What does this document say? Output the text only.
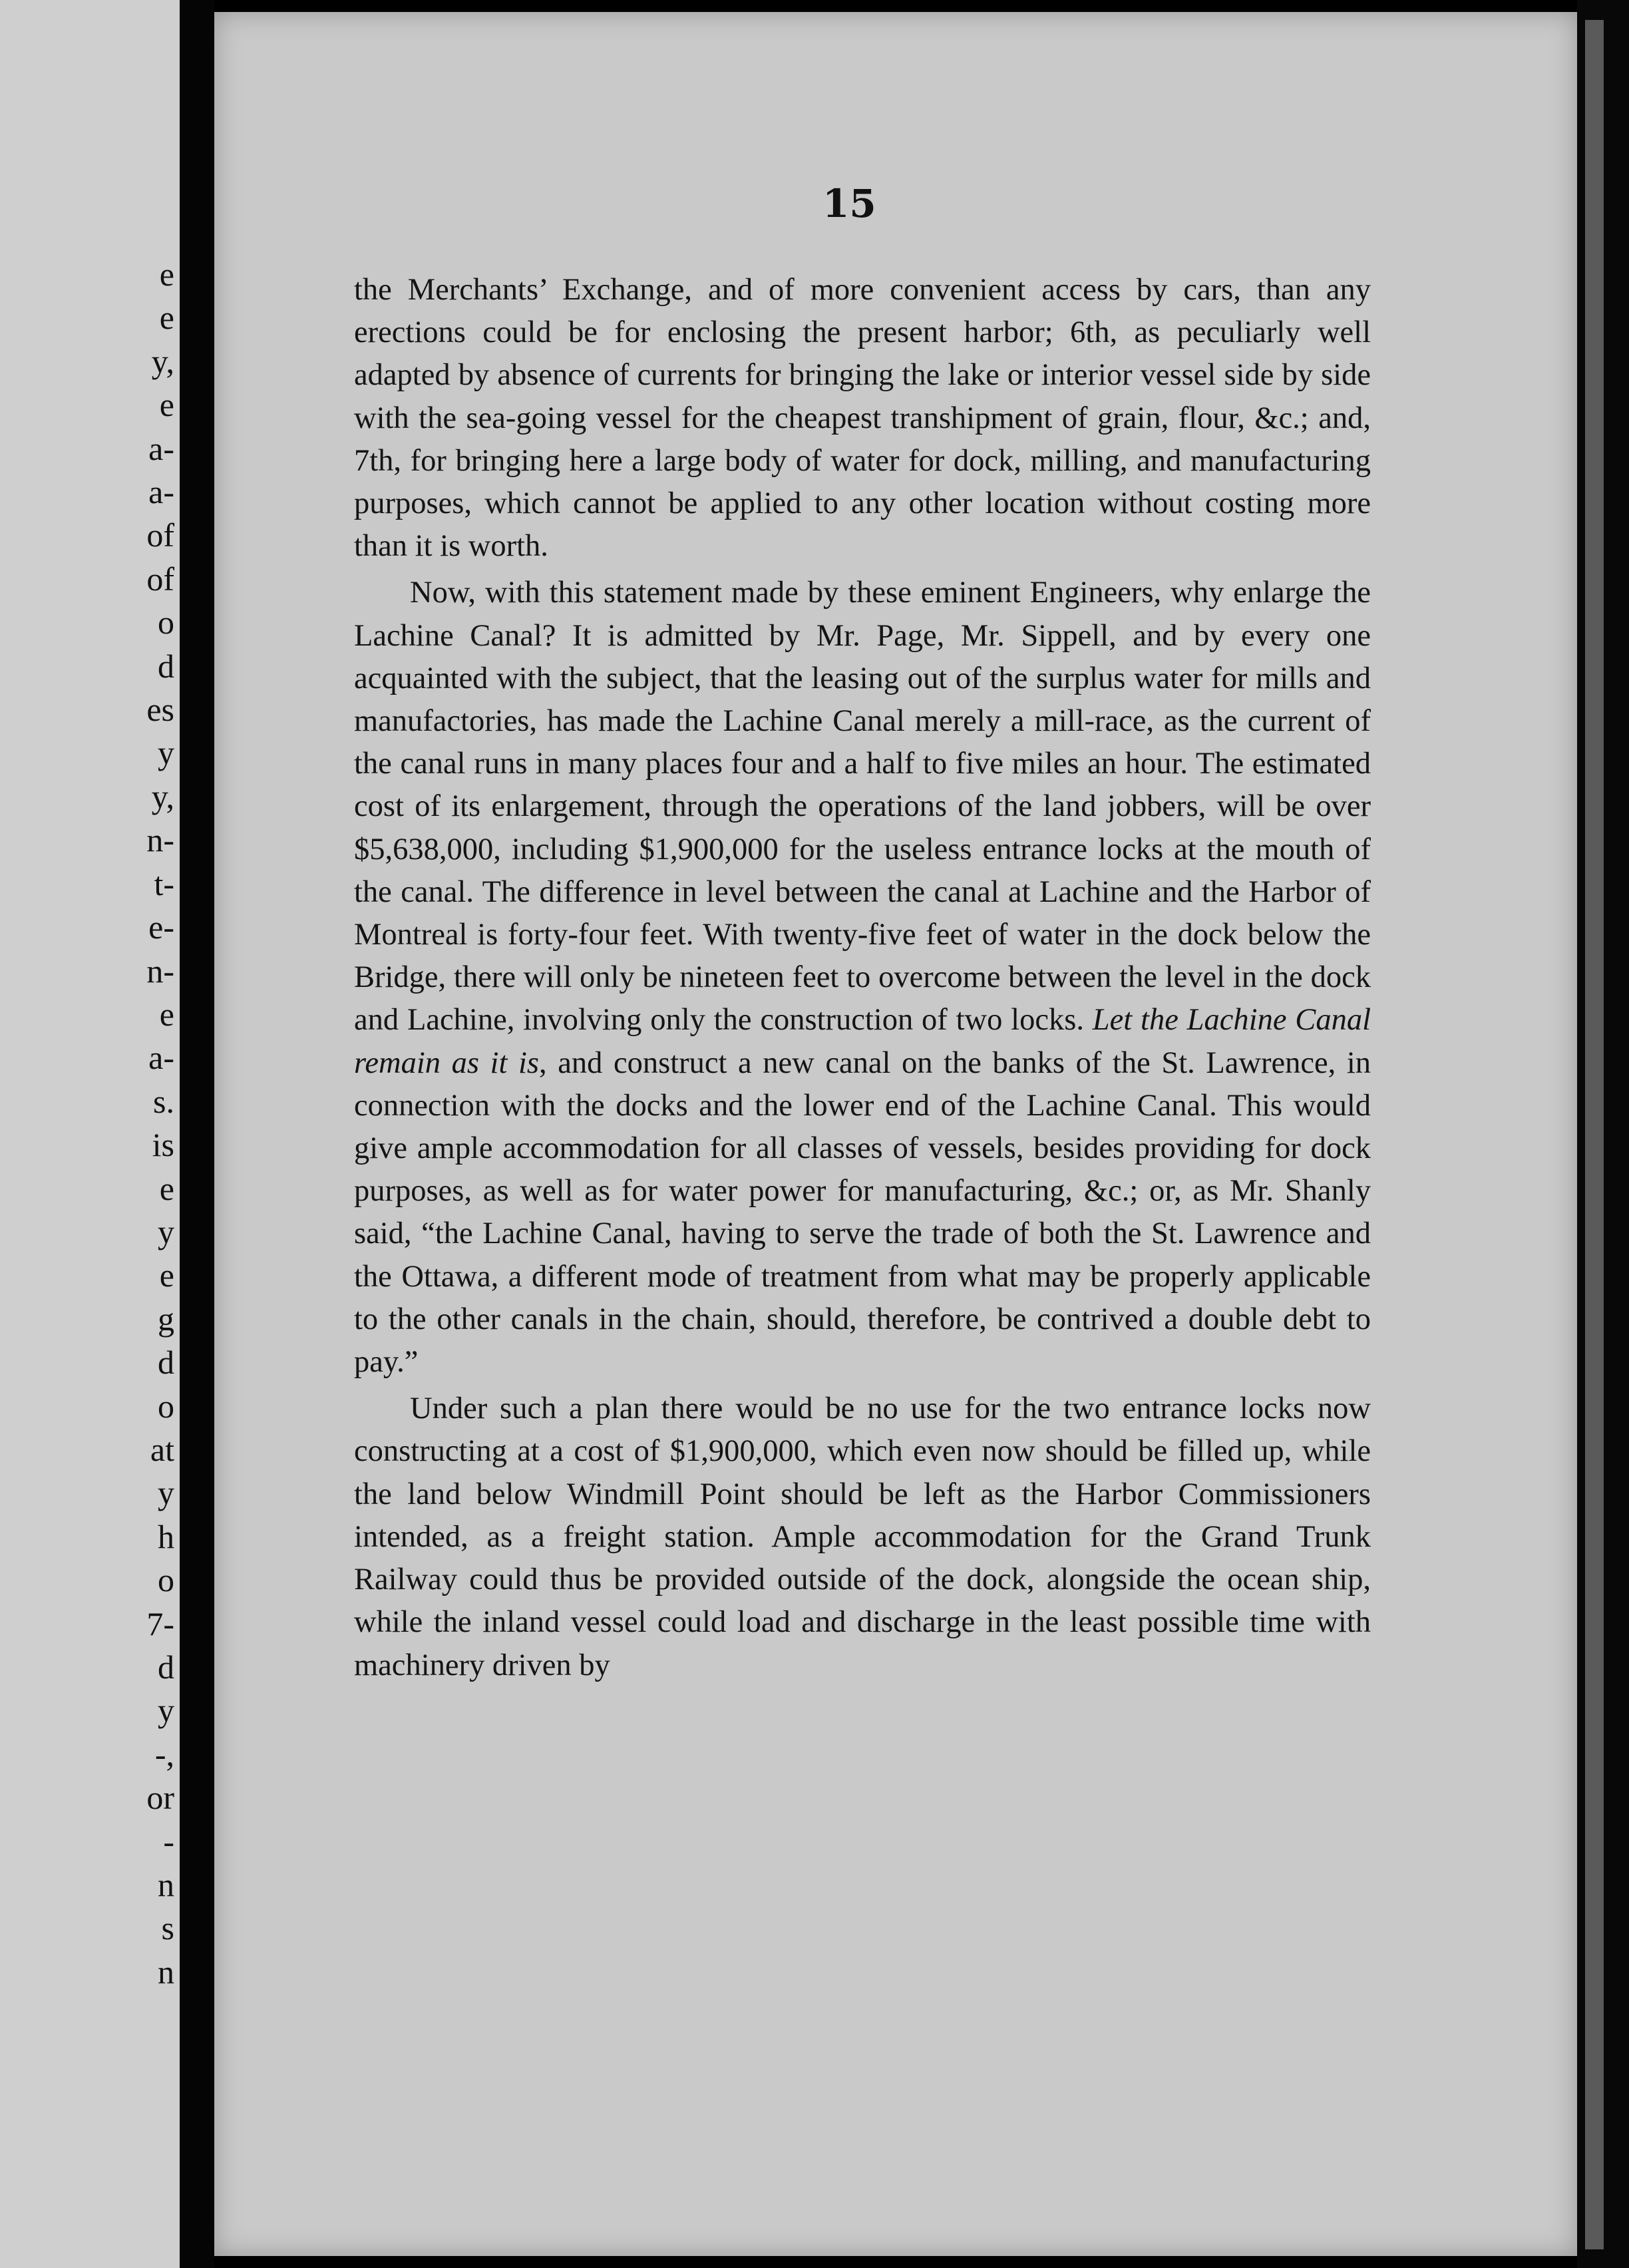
e
e
y,
e
a-
a-
of
of
o
d
es
y
y,
n-
t-
e-
n-
e
a-
s.
is
e
y
e
g
d
o
at
y
h
o
7-
d
y
-,
or
-
n
s
n
15

the Merchants’ Exchange, and of more convenient access by cars, than any erections could be for enclosing the present harbor; 6th, as peculiarly well adapted by absence of currents for bringing the lake or interior vessel side by side with the sea-going vessel for the cheapest transhipment of grain, flour, &c.; and, 7th, for bringing here a large body of water for dock, milling, and manufacturing purposes, which cannot be applied to any other location without costing more than it is worth.

Now, with this statement made by these eminent Engineers, why enlarge the Lachine Canal? It is admitted by Mr. Page, Mr. Sippell, and by every one acquainted with the subject, that the leasing out of the surplus water for mills and manufactories, has made the Lachine Canal merely a mill-race, as the current of the canal runs in many places four and a half to five miles an hour. The estimated cost of its enlargement, through the operations of the land jobbers, will be over $5,638,000, including $1,900,000 for the useless entrance locks at the mouth of the canal. The difference in level between the canal at Lachine and the Harbor of Montreal is forty-four feet. With twenty-five feet of water in the dock below the Bridge, there will only be nineteen feet to overcome between the level in the dock and Lachine, involving only the construction of two locks. Let the Lachine Canal remain as it is, and construct a new canal on the banks of the St. Lawrence, in connection with the docks and the lower end of the Lachine Canal. This would give ample accommodation for all classes of vessels, besides providing for dock purposes, as well as for water power for manufacturing, &c.; or, as Mr. Shanly said, “the Lachine Canal, having to serve the trade of both the St. Lawrence and the Ottawa, a different mode of treatment from what may be properly applicable to the other canals in the chain, should, therefore, be contrived a double debt to pay.”

Under such a plan there would be no use for the two entrance locks now constructing at a cost of $1,900,000, which even now should be filled up, while the land below Windmill Point should be left as the Harbor Commissioners intended, as a freight station. Ample accommodation for the Grand Trunk Railway could thus be provided outside of the dock, alongside the ocean ship, while the inland vessel could load and discharge in the least possible time with machinery driven by
